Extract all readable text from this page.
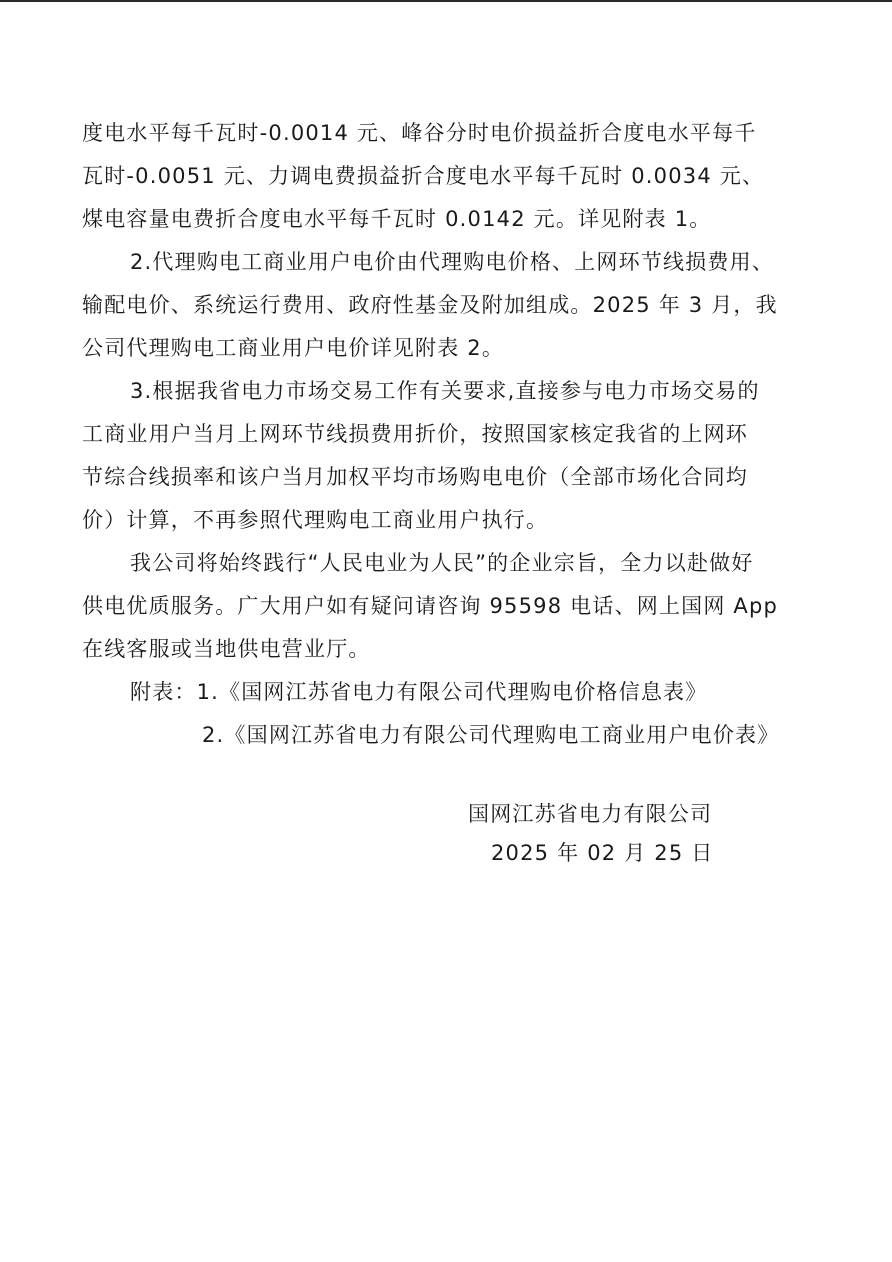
度电水平每千瓦时-0.0014 元、峰谷分时电价损益折合度电水平每千
瓦时-0.0051 元、力调电费损益折合度电水平每千瓦时 0.0034 元、
煤电容量电费折合度电水平每千瓦时 0.0142 元。详见附表 1。
2.代理购电工商业用户电价由代理购电价格、上网环节线损费用、
输配电价、系统运行费用、政府性基金及附加组成。2025 年 3 月，我
公司代理购电工商业用户电价详见附表 2。
3.根据我省电力市场交易工作有关要求,直接参与电力市场交易的
工商业用户当月上网环节线损费用折价，按照国家核定我省的上网环
节综合线损率和该户当月加权平均市场购电电价（全部市场化合同均
价）计算，不再参照代理购电工商业用户执行。
我公司将始终践行“人民电业为人民”的企业宗旨，全力以赴做好
供电优质服务。广大用户如有疑问请咨询 95598 电话、网上国网 App
在线客服或当地供电营业厅。
附表：1.《国网江苏省电力有限公司代理购电价格信息表》
2.《国网江苏省电力有限公司代理购电工商业用户电价表》
国网江苏省电力有限公司
2025 年 02 月 25 日
